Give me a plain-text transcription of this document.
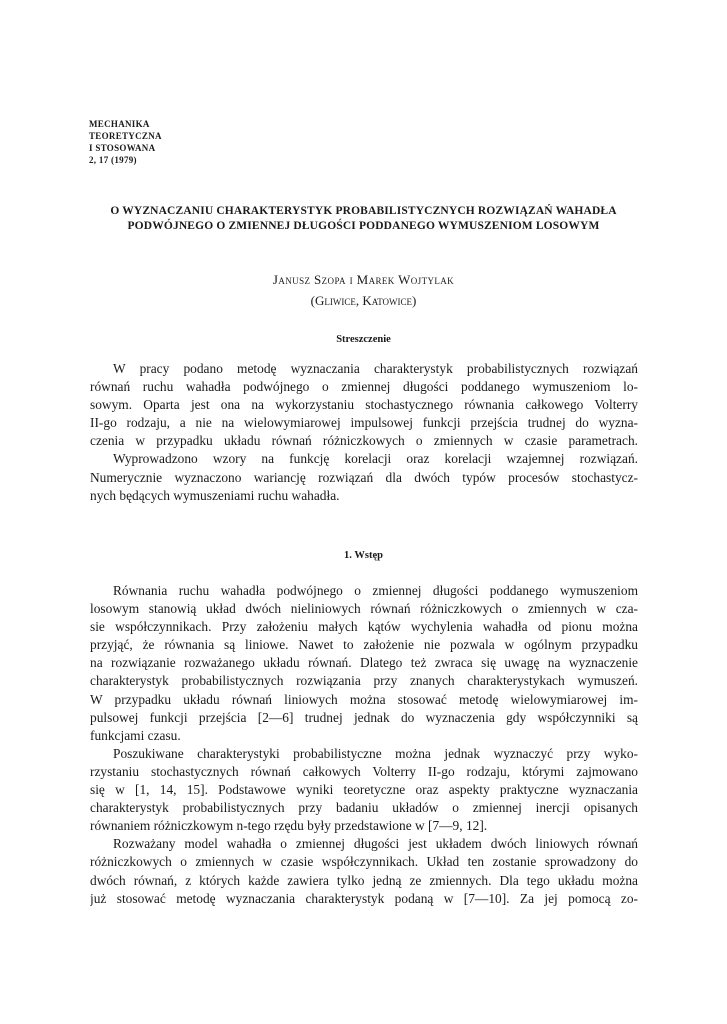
MECHANIKA
TEORETYCZNA
I STOSOWANA
2, 17 (1979)
O WYZNACZANIU CHARAKTERYSTYK PROBABILISTYCZNYCH ROZWIĄZAŃ WAHADŁA
PODWÓJNEGO O ZMIENNEJ DŁUGOŚCI PODDANEGO WYMUSZENIOM LOSOWYM
Janusz Szopa i Marek Wojtylak
(Gliwice, Katowice)
Streszczenie
W pracy podano metodę wyznaczania charakterystyk probabilistycznych rozwiązań
równań ruchu wahadła podwójnego o zmiennej długości poddanego wymuszeniom lo-
sowym. Oparta jest ona na wykorzystaniu stochastycznego równania całkowego Volterry
II-go rodzaju, a nie na wielowymiarowej impulsowej funkcji przejścia trudnej do wyzna-
czenia w przypadku układu równań różniczkowych o zmiennych w czasie parametrach.
Wyprowadzono wzory na funkcję korelacji oraz korelacji wzajemnej rozwiązań.
Numerycznie wyznaczono wariancję rozwiązań dla dwóch typów procesów stochastycz-
nych będących wymuszeniami ruchu wahadła.
1. Wstęp
Równania ruchu wahadła podwójnego o zmiennej długości poddanego wymuszeniom
losowym stanowią układ dwóch nieliniowych równań różniczkowych o zmiennych w cza-
sie współczynnikach. Przy założeniu małych kątów wychylenia wahadła od pionu można
przyjąć, że równania są liniowe. Nawet to założenie nie pozwala w ogólnym przypadku
na rozwiązanie rozważanego układu równań. Dlatego też zwraca się uwagę na wyznaczenie
charakterystyk probabilistycznych rozwiązania przy znanych charakterystykach wymuszeń.
W przypadku układu równań liniowych można stosować metodę wielowymiarowej im-
pulsowej funkcji przejścia [2—6] trudnej jednak do wyznaczenia gdy współczynniki są
funkcjami czasu.
Poszukiwane charakterystyki probabilistyczne można jednak wyznaczyć przy wyko-
rzystaniu stochastycznych równań całkowych Volterry II-go rodzaju, którymi zajmowano
się w [1, 14, 15]. Podstawowe wyniki teoretyczne oraz aspekty praktyczne wyznaczania
charakterystyk probabilistycznych przy badaniu układów o zmiennej inercji opisanych
równaniem różniczkowym n-tego rzędu były przedstawione w [7—9, 12].
Rozważany model wahadła o zmiennej długości jest układem dwóch liniowych równań
różniczkowych o zmiennych w czasie współczynnikach. Układ ten zostanie sprowadzony do
dwóch równań, z których każde zawiera tylko jedną ze zmiennych. Dla tego układu można
już stosować metodę wyznaczania charakterystyk podaną w [7—10]. Za jej pomocą zo-
